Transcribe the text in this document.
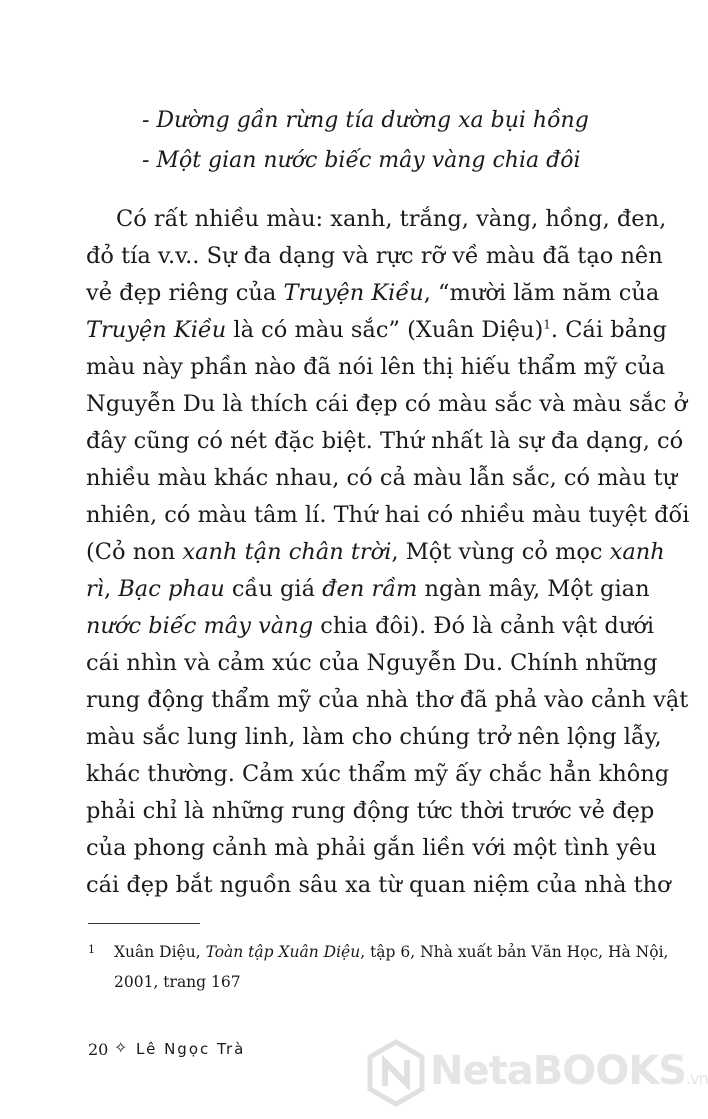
- Dường gần rừng tía dường xa bụi hồng
- Một gian nước biếc mây vàng chia đôi
Có rất nhiều màu: xanh, trắng, vàng, hồng, đen,
đỏ tía v.v.. Sự đa dạng và rực rỡ về màu đã tạo nên
vẻ đẹp riêng của Truyện Kiều, “mười lăm năm của
Truyện Kiều là có màu sắc” (Xuân Diệu)$^1$. Cái bảng
màu này phần nào đã nói lên thị hiếu thẩm mỹ của
Nguyễn Du là thích cái đẹp có màu sắc và màu sắc ở
đây cũng có nét đặc biệt. Thứ nhất là sự đa dạng, có
nhiều màu khác nhau, có cả màu lẫn sắc, có màu tự
nhiên, có màu tâm lí. Thứ hai có nhiều màu tuyệt đối
(Cỏ non xanh tận chân trời, Một vùng cỏ mọc xanh
rì, Bạc phau cầu giá đen rầm ngàn mây, Một gian
nước biếc mây vàng chia đôi). Đó là cảnh vật dưới
cái nhìn và cảm xúc của Nguyễn Du. Chính những
rung động thẩm mỹ của nhà thơ đã phả vào cảnh vật
màu sắc lung linh, làm cho chúng trở nên lộng lẫy,
khác thường. Cảm xúc thẩm mỹ ấy chắc hẳn không
phải chỉ là những rung động tức thời trước vẻ đẹp
của phong cảnh mà phải gắn liền với một tình yêu
cái đẹp bắt nguồn sâu xa từ quan niệm của nhà thơ
1 Xuân Diệu, Toàn tập Xuân Diệu, tập 6, Nhà xuất bản Văn Học, Hà Nội,
2001, trang 167
20 ✧ Lê Ngọc Trà	NetaBOOKS.vn
